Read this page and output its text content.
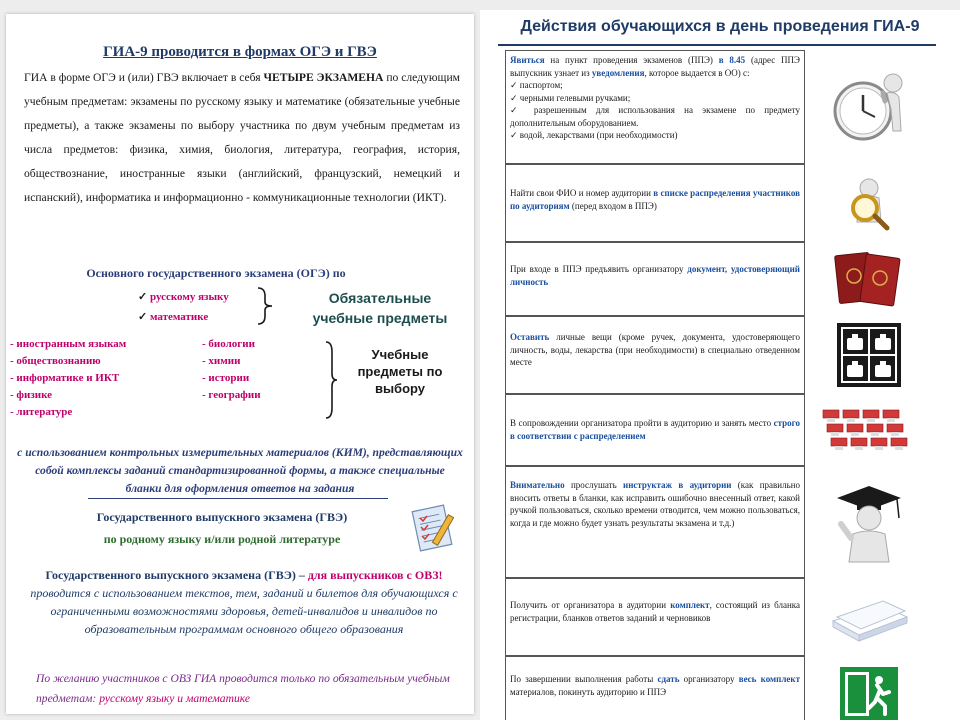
ГИА-9 проводится в формах ОГЭ и ГВЭ
ГИА в форме ОГЭ и (или) ГВЭ включает в себя ЧЕТЫРЕ ЭКЗАМЕНА по следующим учебным предметам: экзамены по русскому языку и математике (обязательные учебные предметы), а также экзамены по выбору участника по двум учебным предметам из числа предметов: физика, химия, биология, литература, география, история, обществознание, иностранные языки (английский, французский, немецкий и испанский), информатика и информационно - коммуникационные технологии (ИКТ).
Основного государственного экзамена (ОГЭ) по
✓ русскому языку
✓ математике
Обязательные учебные предметы
- иностранным языкам
- обществознанию
- информатике и ИКТ
- физике
- литературе
- биологии
- химии
- истории
- географии
Учебные предметы по выбору
с использованием контрольных измерительных материалов (КИМ), представляющих собой комплексы заданий стандартизированной формы, а также специальные бланки для оформления ответов на задания
Государственного выпускного экзамена (ГВЭ)
по родному языку и/или родной литературе
Государственного выпускного экзамена (ГВЭ) – для выпускников с ОВЗ!
проводится с использованием текстов, тем, заданий и билетов для обучающихся с ограниченными возможностями здоровья, детей-инвалидов и инвалидов по образовательным программам основного общего образования
По желанию участников с ОВЗ ГИА проводится только по обязательным учебным предметам: русскому языку и математике
Действия обучающихся в день проведения ГИА-9
Явиться на пункт проведения экзаменов (ППЭ) в 8.45 (адрес ППЭ выпускник узнает из уведомления, которое выдается в ОО) с:
✓ паспортом;
✓ черными гелевыми ручками;
✓ разрешенным для использования на экзамене по предмету дополнительным оборудованием.
✓ водой, лекарствами (при необходимости)
Найти свои ФИО и номер аудитории в списке распределения участников по аудиториям (перед входом в ППЭ)
При входе в ППЭ предъявить организатору документ, удостоверяющий личность
Оставить личные вещи (кроме ручек, документа, удостоверяющего личность, воды, лекарства (при необходимости) в специально отведенном месте
В сопровождении организатора пройти в аудиторию и занять место строго в соответствии с распределением
Внимательно прослушать инструктаж в аудитории (как правильно вносить ответы в бланки, как исправить ошибочно внесенный ответ, какой ручкой пользоваться, сколько времени отводится, чем можно пользоваться, когда и где можно будет узнать результаты экзамена и т.д.)
Получить от организатора в аудитории комплект, состоящий из бланка регистрации, бланков ответов заданий и черновиков
По завершении выполнения работы сдать организатору весь комплект материалов, покинуть аудиторию и ППЭ
